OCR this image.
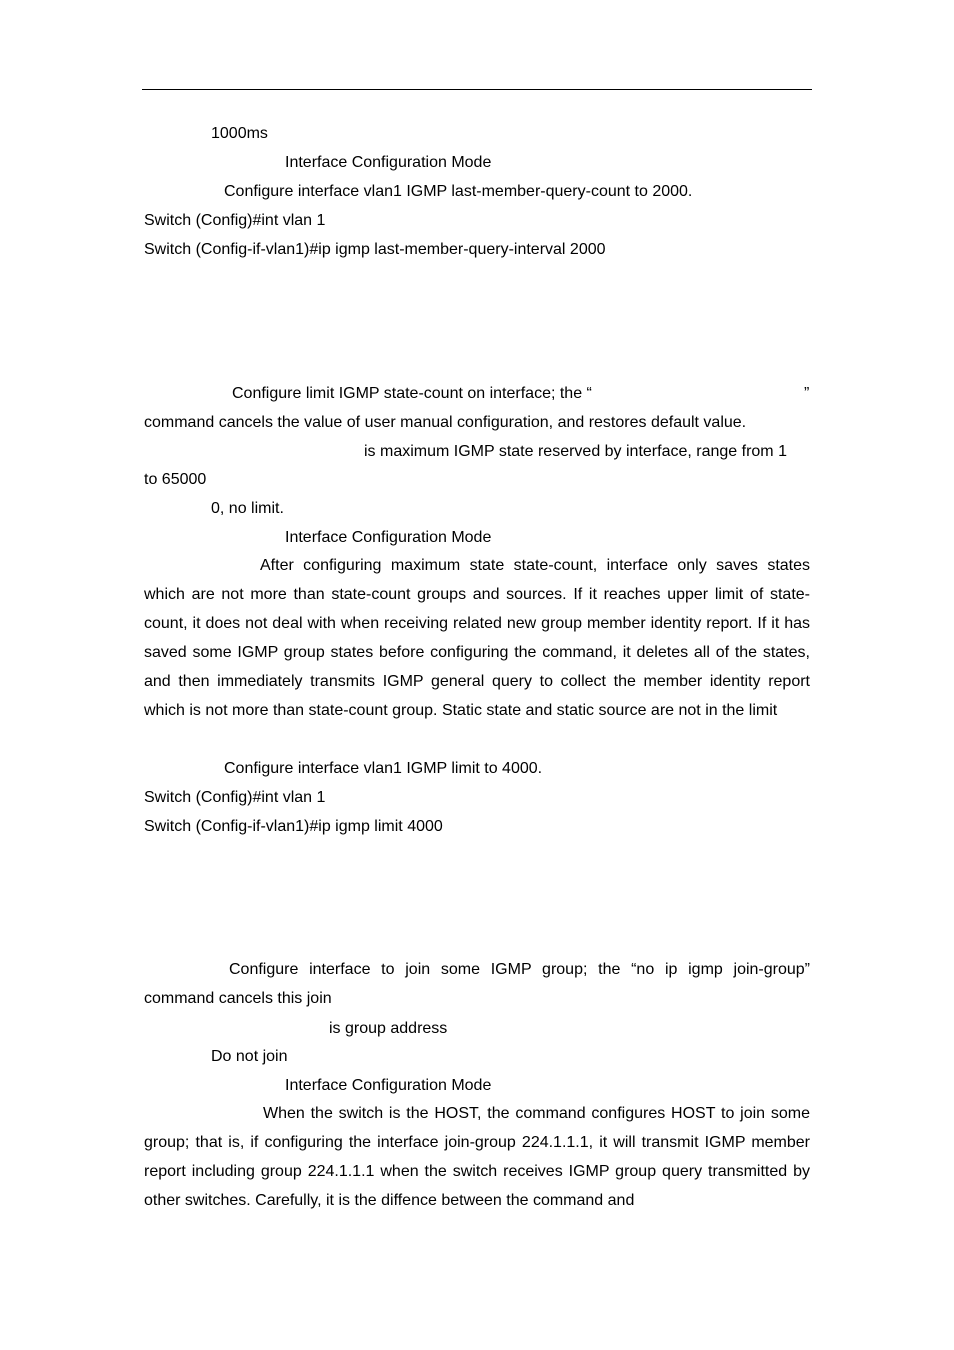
1000ms
Interface Configuration Mode
Configure interface vlan1 IGMP last-member-query-count to 2000.
Switch (Config)#int vlan 1
Switch (Config-if-vlan1)#ip igmp last-member-query-interval 2000
Configure limit IGMP state-count on interface; the “	”
command cancels the value of user manual configuration, and restores default value.
is maximum IGMP state reserved by interface, range from 1
to 65000
0, no limit.
Interface Configuration Mode
After configuring maximum state state-count, interface only saves states which are not more than state-count groups and sources. If it reaches upper limit of state-count, it does not deal with when receiving related new group member identity report. If it has saved some IGMP group states before configuring the command, it deletes all of the states, and then immediately transmits IGMP general query to collect the member identity report which is not more than state-count group. Static state and static source are not in the limit
Configure interface vlan1 IGMP limit to 4000.
Switch (Config)#int vlan 1
Switch (Config-if-vlan1)#ip igmp limit 4000
Configure interface to join some IGMP group; the “no ip igmp join-group” command cancels this join
is group address
Do not join
Interface Configuration Mode
When the switch is the HOST, the command configures HOST to join some group; that is, if configuring the interface join-group 224.1.1.1, it will transmit IGMP member report including group 224.1.1.1 when the switch receives IGMP group query transmitted by other switches. Carefully, it is the diffence between the command and
